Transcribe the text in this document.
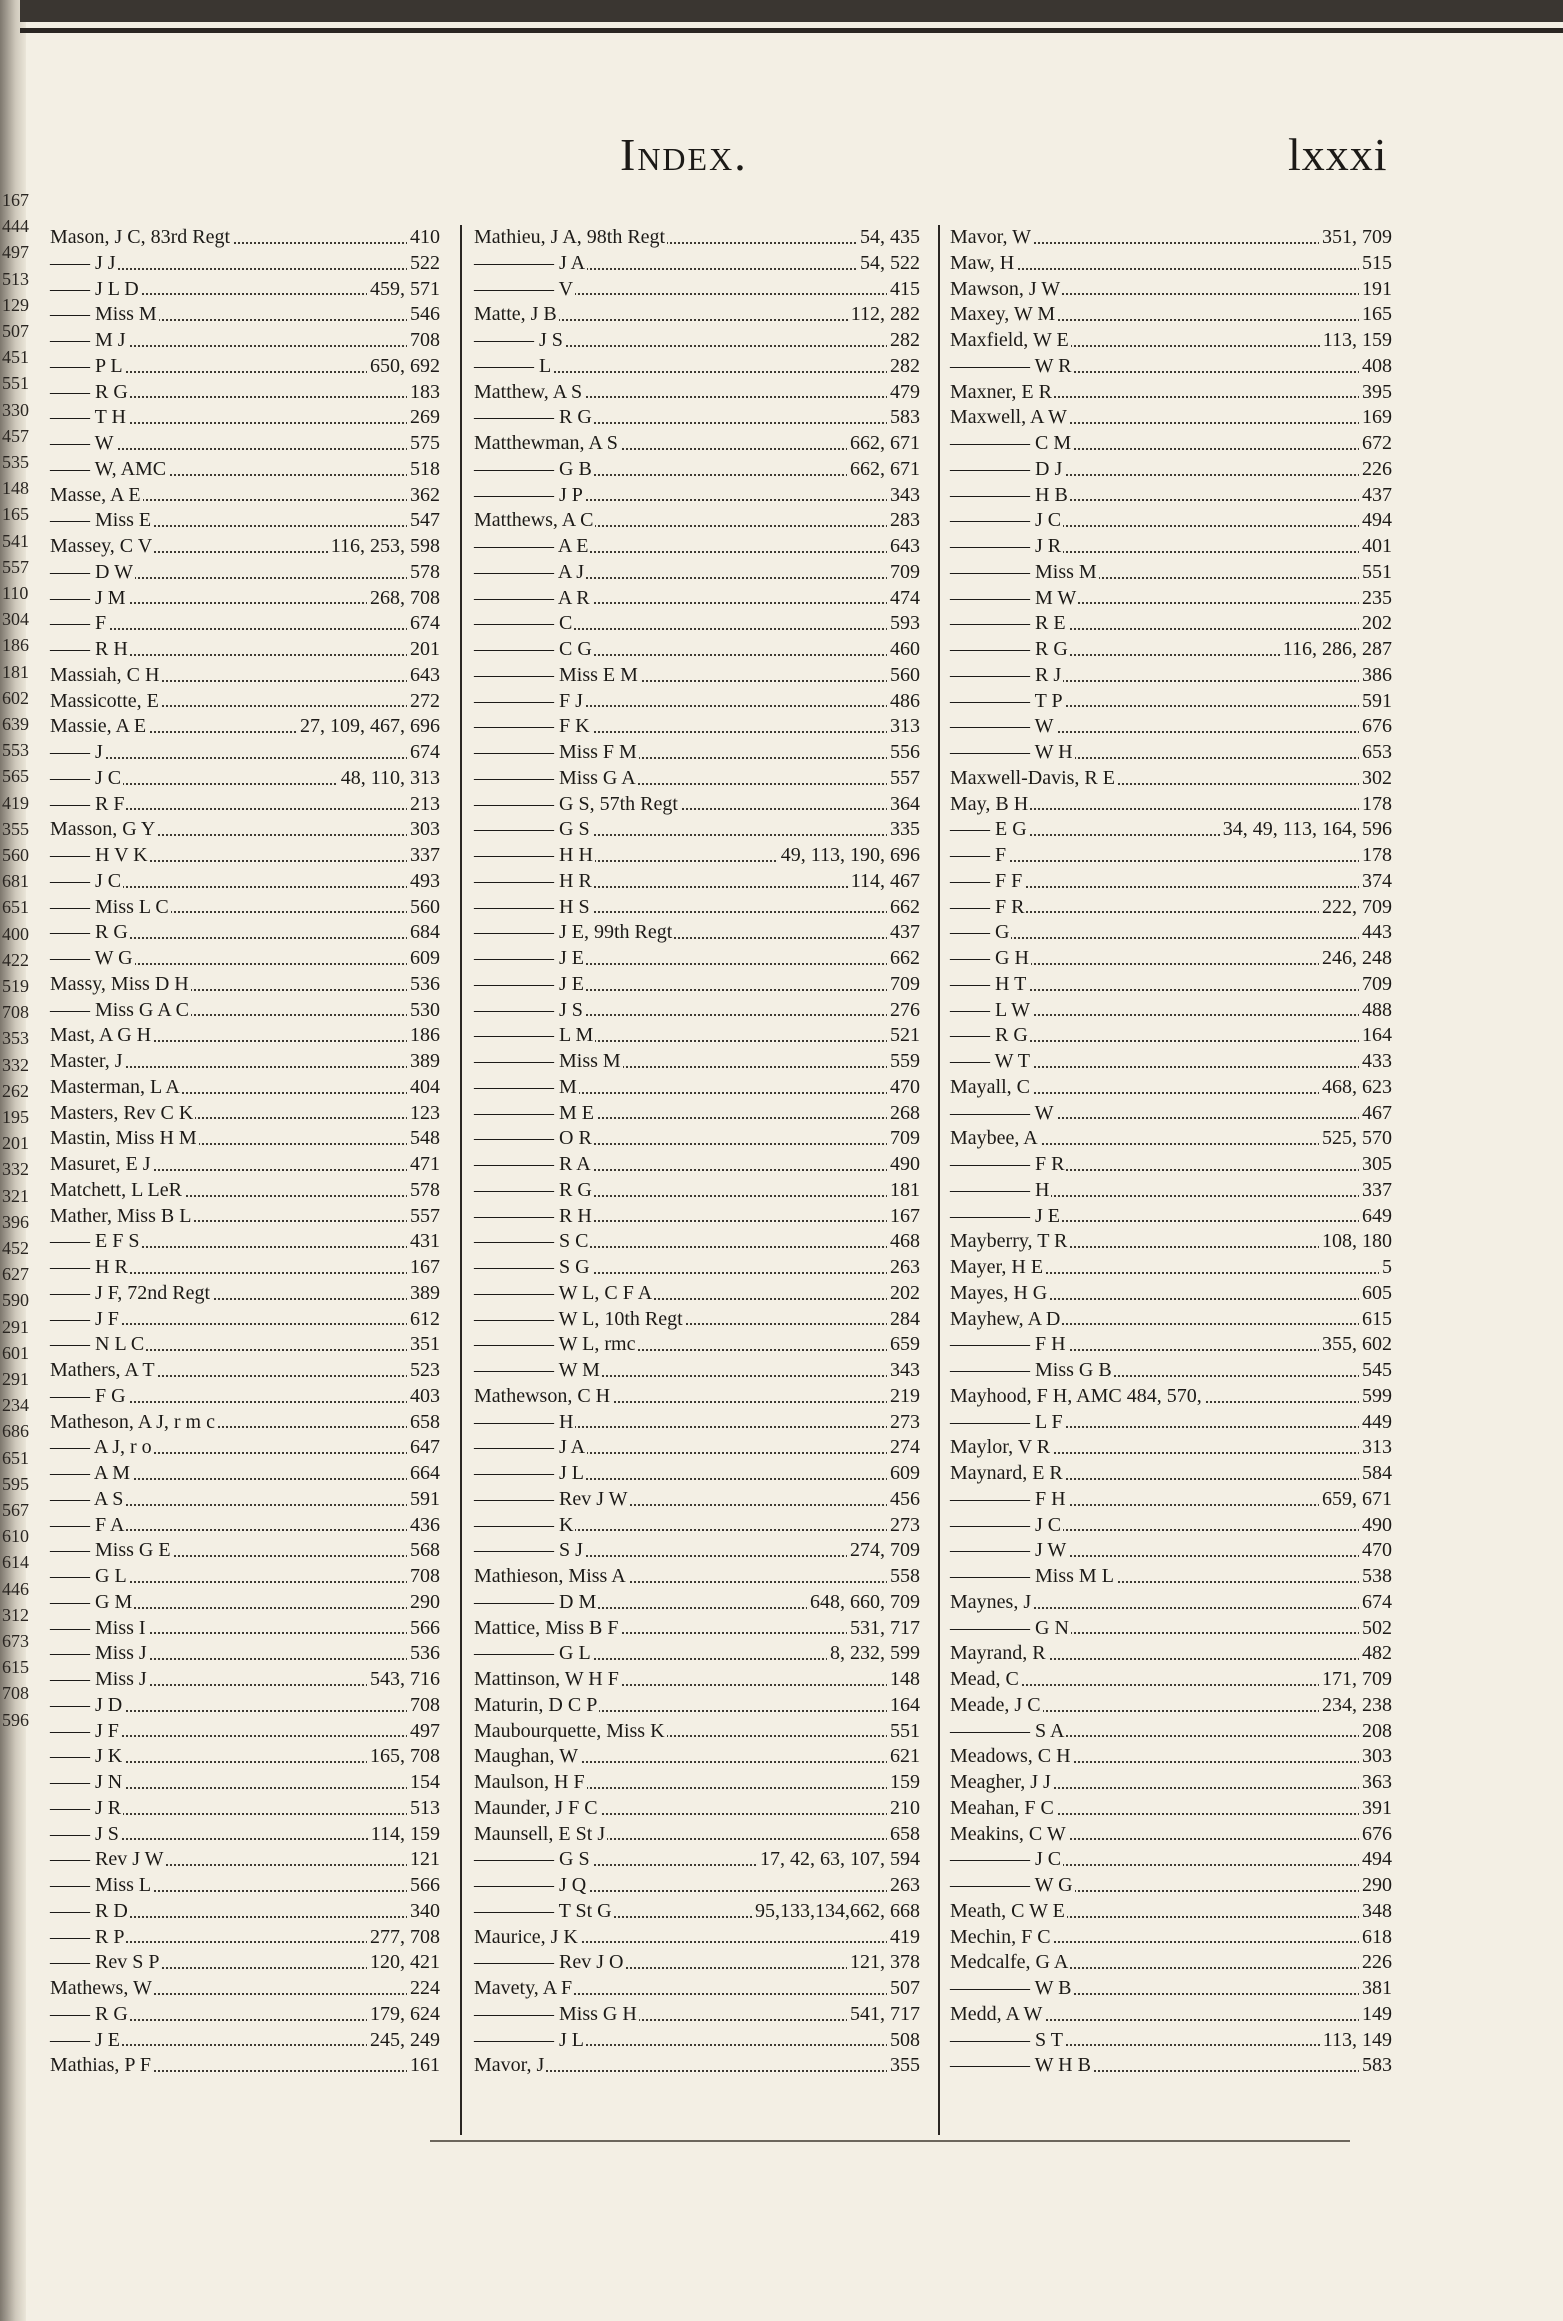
167
444
497
513
129
507
451
551
330
457
535
148
165
541
557
110
304
186
181
602
639
553
565
419
355
560
681
651
400
422
519
708
353
332
262
195
201
332
321
396
452
627
590
291
601
291
234
686
651
595
567
610
614
446
312
673
615
708
596
Index.	lxxxi
Mason, J C, 83rd Regt	410
—— J J	522
—— J L D	459, 571
—— Miss M	546
—— M J	708
—— P L	650, 692
—— R G	183
—— T H	269
—— W	575
—— W, AMC	518
Masse, A E	362
—— Miss E	547
Massey, C V	116, 253, 598
—— D W	578
—— J M	268, 708
—— F	674
—— R H	201
Massiah, C H	643
Massicotte, E	272
Massie, A E	27, 109, 467, 696
—— J	674
—— J C	48, 110, 313
—— R F	213
Masson, G Y	303
—— H V K	337
—— J C	493
—— Miss L C	560
—— R G	684
—— W G	609
Massy, Miss D H	536
—— Miss G A C	530
Mast, A G H	186
Master, J	389
Masterman, L A	404
Masters, Rev C K	123
Mastin, Miss H M	548
Masuret, E J	471
Matchett, L LeR	578
Mather, Miss B L	557
—— E F S	431
—— H R	167
—— J F, 72nd Regt	389
—— J F	612
—— N L C	351
Mathers, A T	523
—— F G	403
Matheson, A J, r m c	658
—— A J, r o	647
—— A M	664
—— A S	591
—— F A	436
—— Miss G E	568
—— G L	708
—— G M	290
—— Miss I	566
—— Miss J	536
—— Miss J	543, 716
—— J D	708
—— J F	497
—— J K	165, 708
—— J N	154
—— J R	513
—— J S	114, 159
—— Rev J W	121
—— Miss L	566
—— R D	340
—— R P	277, 708
—— Rev S P	120, 421
Mathews, W	224
—— R G	179, 624
—— J E	245, 249
Mathias, P F	161
Mathieu, J A, 98th Regt	54, 435
———— J A	54, 522
———— V	415
Matte, J B	112, 282
——— J S	282
——— L	282
Matthew, A S	479
———— R G	583
Matthewman, A S	662, 671
———— G B	662, 671
———— J P	343
Matthews, A C	283
———— A E	643
———— A J	709
———— A R	474
———— C	593
———— C G	460
———— Miss E M	560
———— F J	486
———— F K	313
———— Miss F M	556
———— Miss G A	557
———— G S, 57th Regt	364
———— G S	335
———— H H	49, 113, 190, 696
———— H R	114, 467
———— H S	662
———— J E, 99th Regt	437
———— J E	662
———— J E	709
———— J S	276
———— L M	521
———— Miss M	559
———— M	470
———— M E	268
———— O R	709
———— R A	490
———— R G	181
———— R H	167
———— S C	468
———— S G	263
———— W L, C F A	202
———— W L, 10th Regt	284
———— W L, rmc	659
———— W M	343
Mathewson, C H	219
———— H	273
———— J A	274
———— J L	609
———— Rev J W	456
———— K	273
———— S J	274, 709
Mathieson, Miss A	558
———— D M	648, 660, 709
Mattice, Miss B F	531, 717
———— G L	8, 232, 599
Mattinson, W H F	148
Maturin, D C P	164
Maubourquette, Miss K	551
Maughan, W	621
Maulson, H F	159
Maunder, J F C	210
Maunsell, E St J	658
———— G S	17, 42, 63, 107, 594
———— J Q	263
———— T St G	95,133,134,662, 668
Maurice, J K	419
———— Rev J O	121, 378
Mavety, A F	507
———— Miss G H	541, 717
———— J L	508
Mavor, J	355
Mavor, W	351, 709
Maw, H	515
Mawson, J W	191
Maxey, W M	165
Maxfield, W E	113, 159
———— W R	408
Maxner, E R	395
Maxwell, A W	169
———— C M	672
———— D J	226
———— H B	437
———— J C	494
———— J R	401
———— Miss M	551
———— M W	235
———— R E	202
———— R G	116, 286, 287
———— R J	386
———— T P	591
———— W	676
———— W H	653
Maxwell-Davis, R E	302
May, B H	178
—— E G	34, 49, 113, 164, 596
—— F	178
—— F F	374
—— F R	222, 709
—— G	443
—— G H	246, 248
—— H T	709
—— L W	488
—— R G	164
—— W T	433
Mayall, C	468, 623
———— W	467
Maybee, A	525, 570
———— F R	305
———— H	337
———— J E	649
Mayberry, T R	108, 180
Mayer, H E	5
Mayes, H G	605
Mayhew, A D	615
———— F H	355, 602
———— Miss G B	545
Mayhood, F H, AMC 484, 570,	599
———— L F	449
Maylor, V R	313
Maynard, E R	584
———— F H	659, 671
———— J C	490
———— J W	470
———— Miss M L	538
Maynes, J	674
———— G N	502
Mayrand, R	482
Mead, C	171, 709
Meade, J C	234, 238
———— S A	208
Meadows, C H	303
Meagher, J J	363
Meahan, F C	391
Meakins, C W	676
———— J C	494
———— W G	290
Meath, C W E	348
Mechin, F C	618
Medcalfe, G A	226
———— W B	381
Medd, A W	149
———— S T	113, 149
———— W H B	583
